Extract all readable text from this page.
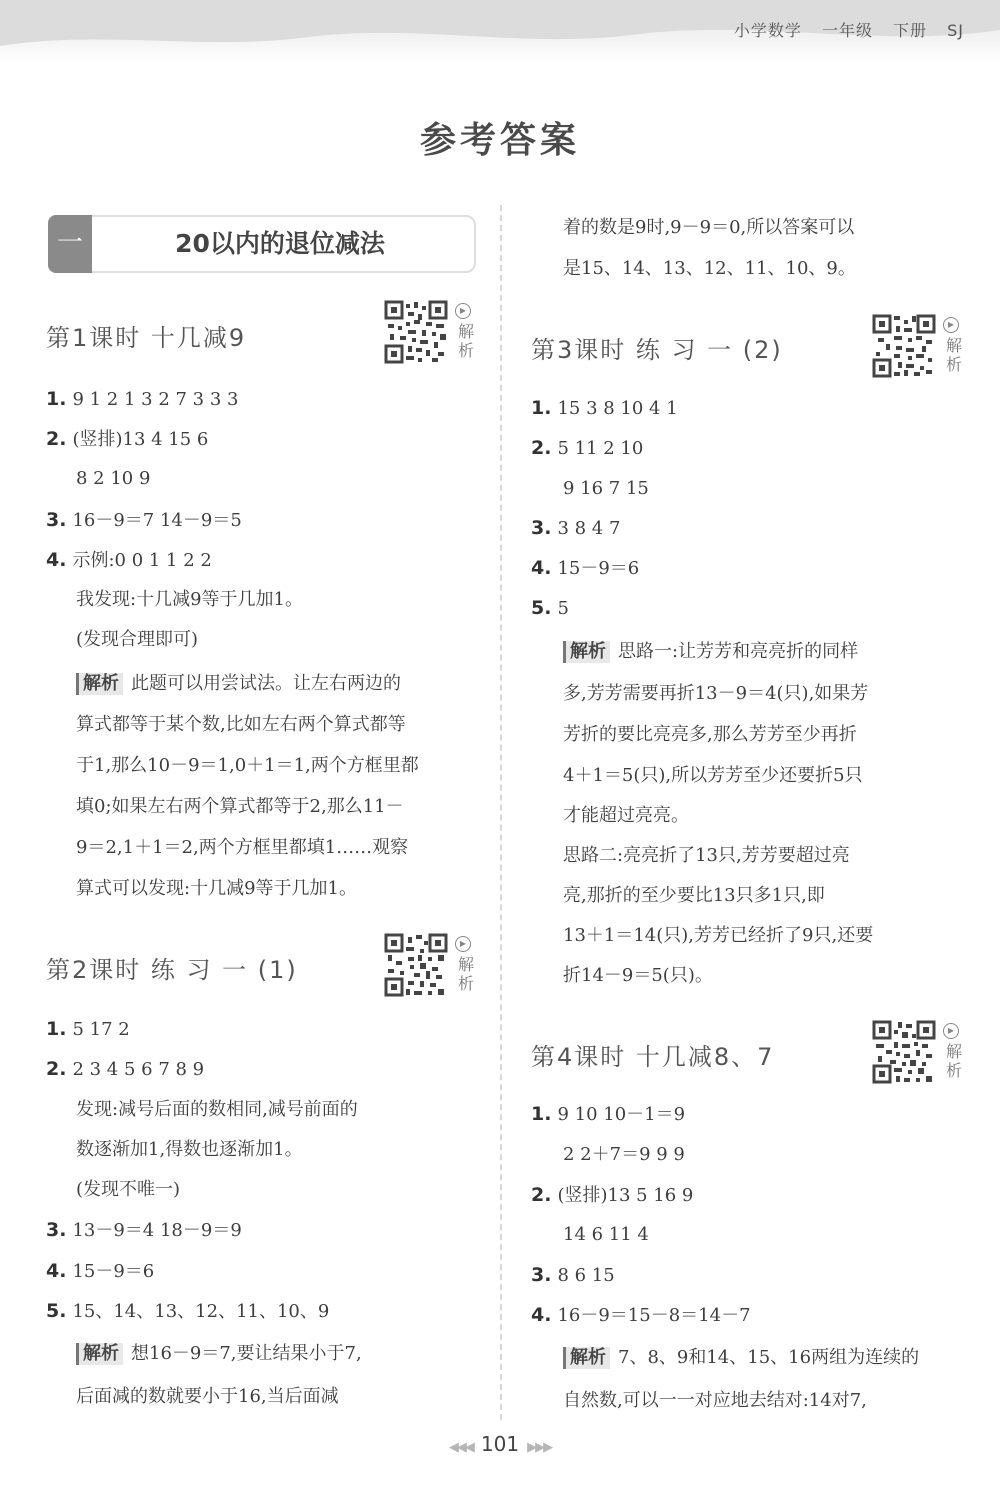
小学数学 一年级 下册 SJ
参考答案
一	20以内的退位减法
第1课时 十几减9
▶
解析
1. 9 1 2 1 3 2 7 3 3 3
2. (竖排)13 4 15 6
8 2 10 9
3. 16－9＝7 14－9＝5
4. 示例:0 0 1 1 2 2
我发现:十几减9等于几加1。
(发现合理即可)
解析 此题可以用尝试法。让左右两边的
算式都等于某个数,比如左右两个算式都等
于1,那么10－9＝1,0＋1＝1,两个方框里都
填0;如果左右两个算式都等于2,那么11－
9＝2,1＋1＝2,两个方框里都填1……观察
算式可以发现:十几减9等于几加1。
第2课时 练 习 一 (1)
▶
解析
1. 5 17 2
2. 2 3 4 5 6 7 8 9
发现:减号后面的数相同,减号前面的
数逐渐加1,得数也逐渐加1。
(发现不唯一)
3. 13－9＝4 18－9＝9
4. 15－9＝6
5. 15、14、13、12、11、10、9
解析 想16－9＝7,要让结果小于7,
后面减的数就要小于16,当后面减
着的数是9时,9－9＝0,所以答案可以
是15、14、13、12、11、10、9。
第3课时 练 习 一 (2)
▶
解析
1. 15 3 8 10 4 1
2. 5 11 2 10
9 16 7 15
3. 3 8 4 7
4. 15－9＝6
5. 5
解析 思路一:让芳芳和亮亮折的同样
多,芳芳需要再折13－9＝4(只),如果芳
芳折的要比亮亮多,那么芳芳至少再折
4＋1＝5(只),所以芳芳至少还要折5只
才能超过亮亮。
思路二:亮亮折了13只,芳芳要超过亮
亮,那折的至少要比13只多1只,即
13＋1＝14(只),芳芳已经折了9只,还要
折14－9＝5(只)。
第4课时 十几减8、7
▶
解析
1. 9 10 10－1＝9
2 2＋7＝9 9 9
2. (竖排)13 5 16 9
14 6 11 4
3. 8 6 15
4. 16－9＝15－8＝14－7
解析 7、8、9和14、15、16两组为连续的
自然数,可以一一对应地去结对:14对7,
◀◀◀ 101 ▶▶▶
